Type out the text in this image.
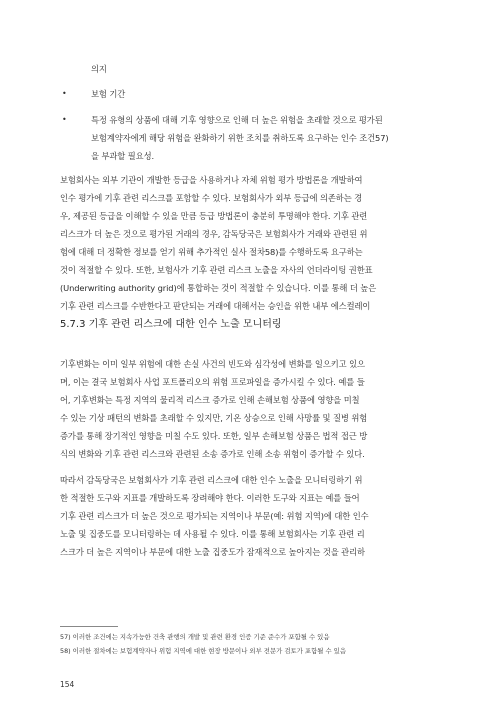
의지
•	보험 기간
•	특정 유형의 상품에 대해 기후 영향으로 인해 더 높은 위험을 초래할 것으로 평가된
보험계약자에게 해당 위험을 완화하기 위한 조치를 취하도록 요구하는 인수 조건57)
을 부과할 필요성.
보험회사는 외부 기관이 개발한 등급을 사용하거나 자체 위험 평가 방법론을 개발하여
인수 평가에 기후 관련 리스크를 포함할 수 있다. 보험회사가 외부 등급에 의존하는 경
우, 제공된 등급을 이해할 수 있을 만큼 등급 방법론이 충분히 투명해야 한다. 기후 관련
리스크가 더 높은 것으로 평가된 거래의 경우, 감독당국은 보험회사가 거래와 관련된 위
험에 대해 더 정확한 정보를 얻기 위해 추가적인 실사 절차58)를 수행하도록 요구하는
것이 적절할 수 있다. 또한, 보험사가 기후 관련 리스크 노출을 자사의 언더라이팅 권한표
(Underwriting authority grid)에 통합하는 것이 적절할 수 있습니다. 이를 통해 더 높은
기후 관련 리스크를 수반한다고 판단되는 거래에 대해서는 승인을 위한 내부 에스컬레이
5.7.3 기후 관련 리스크에 대한 인수 노출 모니터링
기후변화는 이미 일부 위험에 대한 손실 사건의 빈도와 심각성에 변화를 일으키고 있으
며, 이는 결국 보험회사 사업 포트폴리오의 위험 프로파일을 증가시킬 수 있다. 예를 들
어, 기후변화는 특정 지역의 물리적 리스크 증가로 인해 손해보험 상품에 영향을 미칠
수 있는 기상 패턴의 변화를 초래할 수 있지만, 기온 상승으로 인해 사망률 및 질병 위험
증가를 통해 장기적인 영향을 미칠 수도 있다. 또한, 일부 손해보험 상품은 법적 접근 방
식의 변화와 기후 관련 리스크와 관련된 소송 증가로 인해 소송 위험이 증가할 수 있다.
따라서 감독당국은 보험회사가 기후 관련 리스크에 대한 인수 노출을 모니터링하기 위
한 적절한 도구와 지표를 개발하도록 장려해야 한다. 이러한 도구와 지표는 예를 들어
기후 관련 리스크가 더 높은 것으로 평가되는 지역이나 부문(예: 위험 지역)에 대한 인수
노출 및 집중도를 모니터링하는 데 사용될 수 있다. 이를 통해 보험회사는 기후 관련 리
스크가 더 높은 지역이나 부문에 대한 노출 집중도가 잠재적으로 높아지는 것을 관리하
57) 이러한 조건에는 지속가능한 건축 관행의 개발 및 관련 환경 인증 기준 준수가 포함될 수 있음
58) 이러한 절차에는 보험계약자나 위험 지역에 대한 현장 방문이나 외부 전문가 검토가 포함될 수 있음
154
